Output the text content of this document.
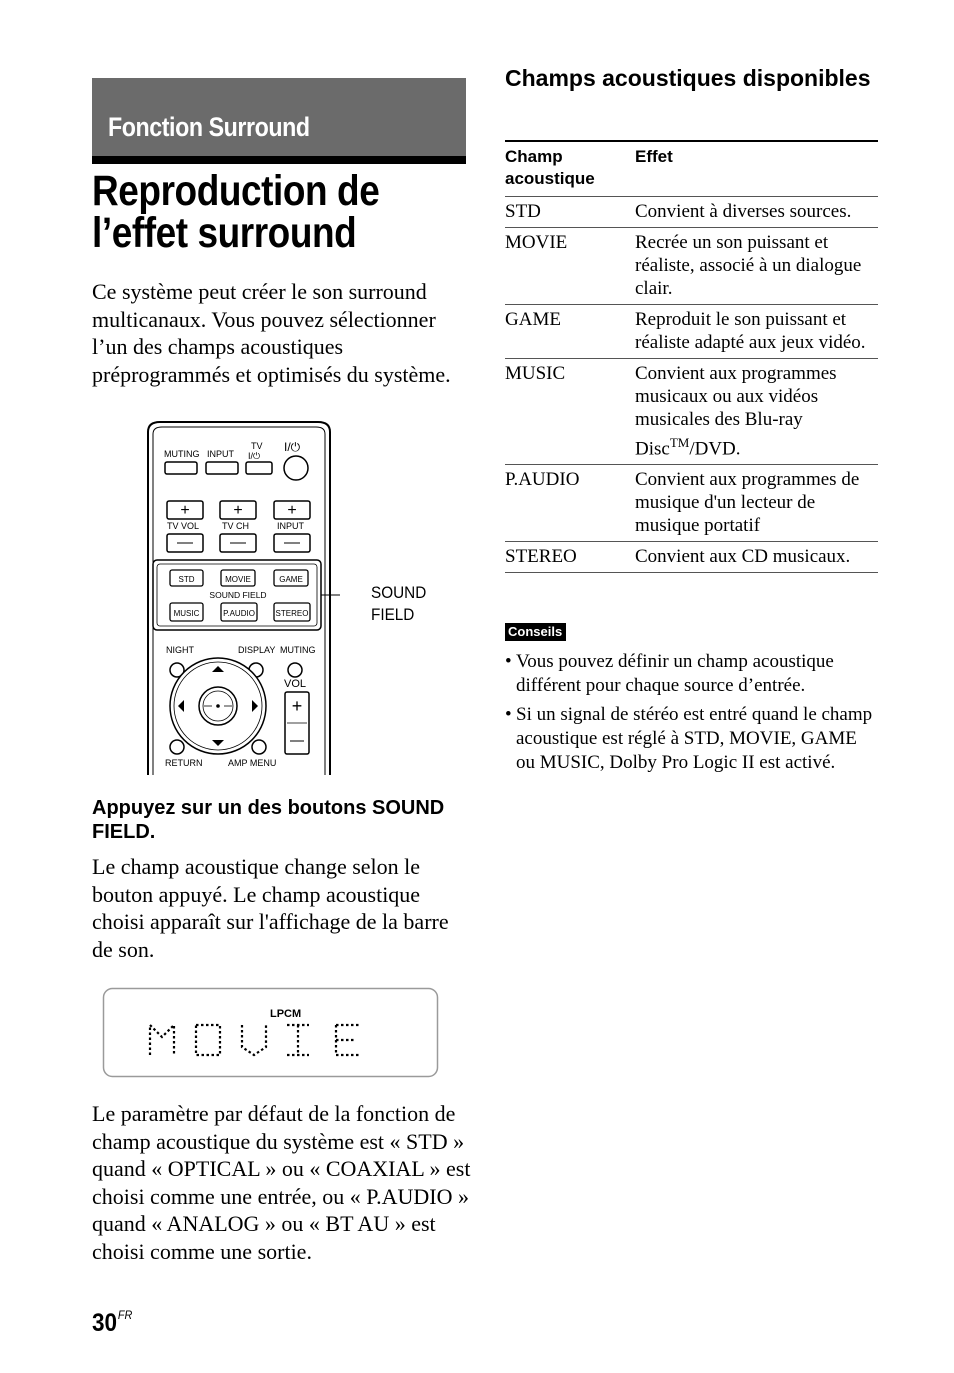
Fonction Surround
Reproduction de l’effet surround
Ce système peut créer le son surround multicanaux. Vous pouvez sélectionner l’un des champs acoustiques préprogrammés et optimisés du système.
MUTING INPUT
TV
I/⏻
I/⏻
+	+	+
TV VOL	TV CH	INPUT
STD	MOVIE	GAME
SOUND FIELD
MUSIC	P.AUDIO	STEREO
NIGHT	DISPLAY MUTING
VOL
+
RETURN	AMP MENU
SOUND
FIELD
Appuyez sur un des boutons SOUND FIELD.
Le champ acoustique change selon le bouton appuyé. Le champ acoustique choisi apparaît sur l'affichage de la barre de son.
LPCM
MOVIE
Le paramètre par défaut de la fonction de champ acoustique du système est « STD » quand « OPTICAL » ou « COAXIAL » est choisi comme une entrée, ou « P.AUDIO » quand « ANALOG » ou « BT AU » est choisi comme une sortie.
$30^{FR}$
Champs acoustiques disponibles
Champ acoustique
Effet
STD	Convient à diverses sources.
MOVIE	Recrée un son puissant et réaliste, associé à un dialogue clair.
GAME	Reproduit le son puissant et réaliste adapté aux jeux vidéo.
MUSIC	Convient aux programmes musicaux ou aux vidéos musicales des Blu-ray Disc™/DVD.
P.AUDIO	Convient aux programmes de musique d'un lecteur de musique portatif
STEREO	Convient aux CD musicaux.
Conseils
• Vous pouvez définir un champ acoustique différent pour chaque source d’entrée.
• Si un signal de stéréo est entré quand le champ acoustique est réglé à STD, MOVIE, GAME ou MUSIC, Dolby Pro Logic II est activé.
